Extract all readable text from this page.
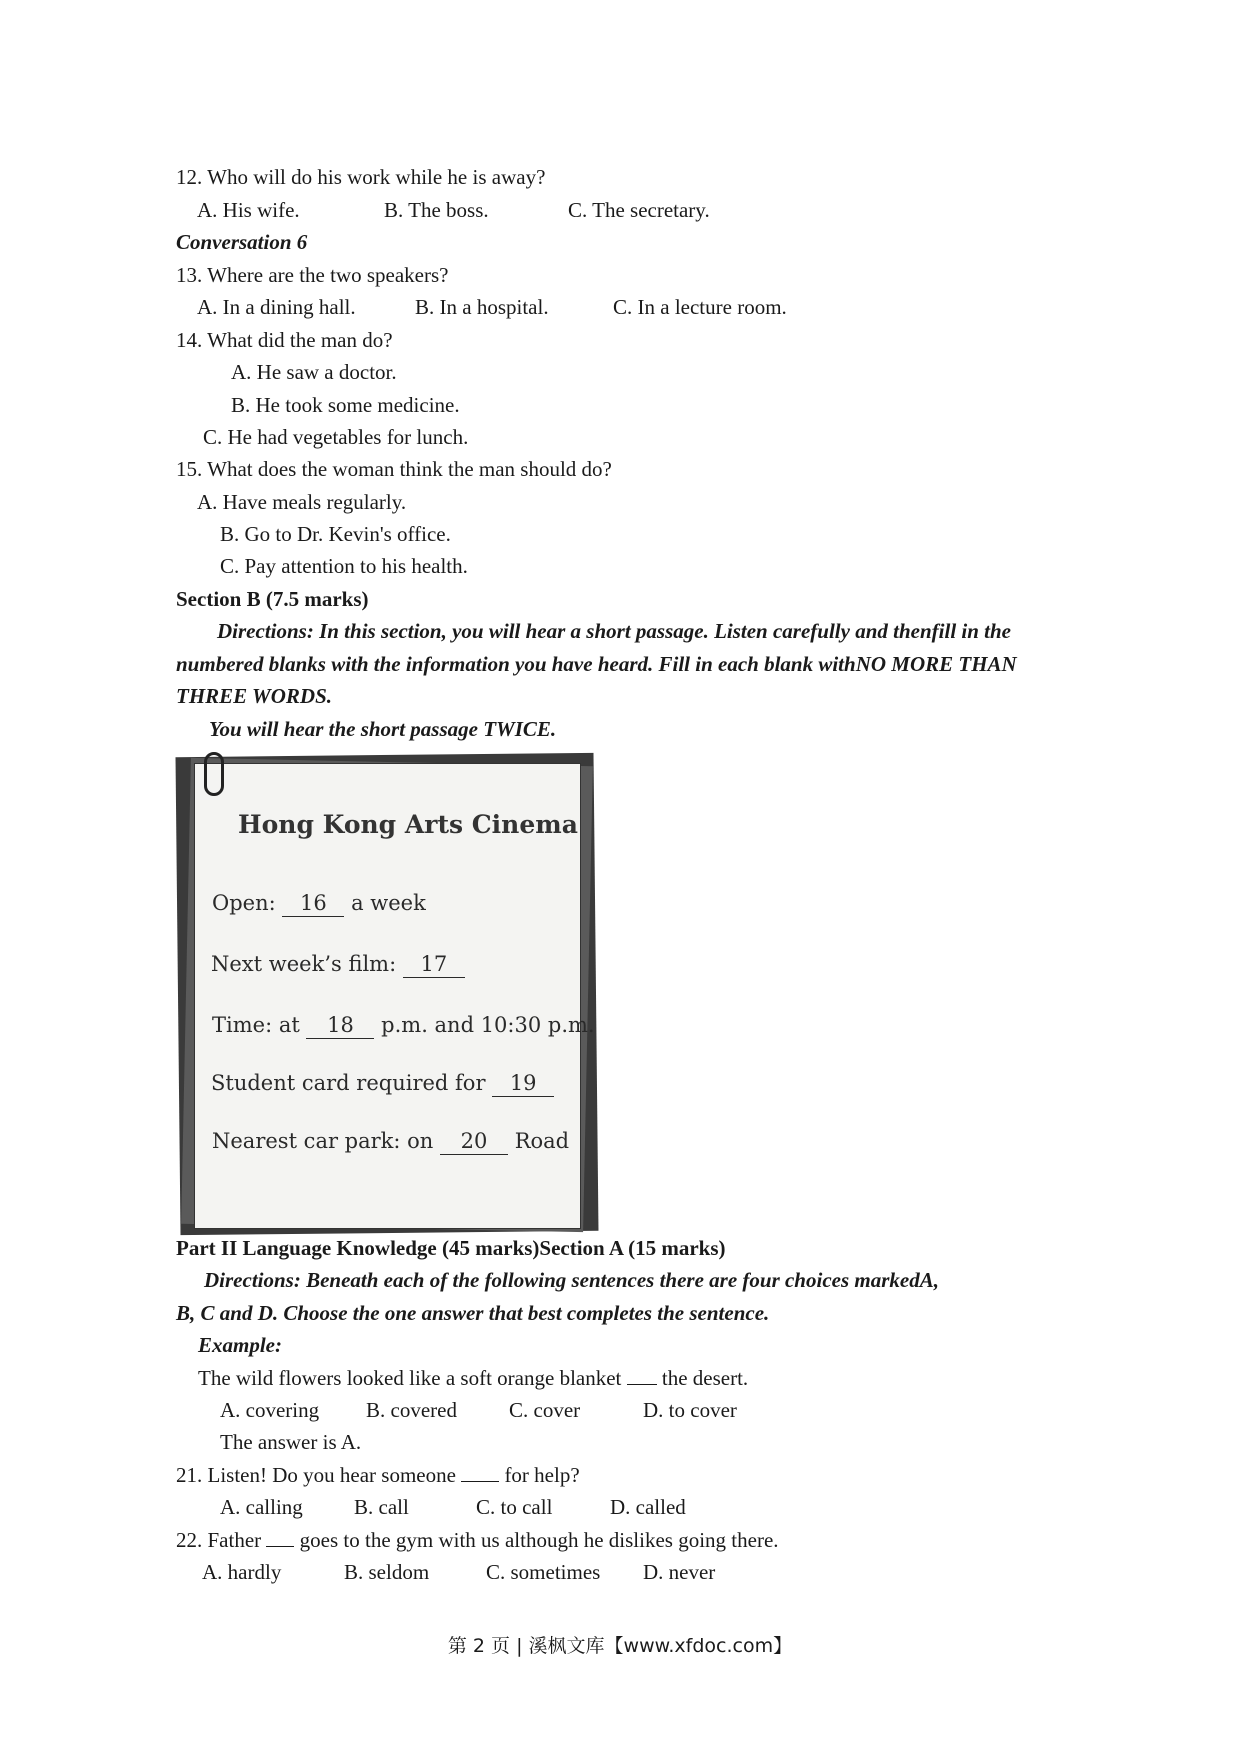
12. Who will do his work while he is away?
A. His wife.	B. The boss.	C. The secretary.
Conversation 6
13. Where are the two speakers?
A. In a dining hall.	B. In a hospital.	C. In a lecture room.
14. What did the man do?
A. He saw a doctor.
B. He took some medicine.
C. He had vegetables for lunch.
15. What does the woman think the man should do?
A. Have meals regularly.
B. Go to Dr. Kevin's office.
C. Pay attention to his health.
Section B (7.5 marks)
Directions: In this section, you will hear a short passage. Listen carefully and thenfill in the
numbered blanks with the information you have heard. Fill in each blank withNO MORE THAN
THREE WORDS.
You will hear the short passage TWICE.
Hong Kong Arts Cinema
Open: 16 a week
Next week’s film: 17
Time: at 18 p.m. and 10:30 p.m.
Student card required for 19
Nearest car park: on 20 Road
Part II Language Knowledge (45 marks)Section A (15 marks)
Directions: Beneath each of the following sentences there are four choices markedA,
B, C and D. Choose the one answer that best completes the sentence.
Example:
The wild flowers looked like a soft orange blanket the desert.
A. covering B. covered C. cover	D. to cover
The answer is A.
21. Listen! Do you hear someone for help?
A. calling B. call	C. to call	D. called
22. Father goes to the gym with us although he dislikes going there.
A. hardly	B. seldom	C. sometimes D. never
第 2 页 | 溪枫文库【www.xfdoc.com】
